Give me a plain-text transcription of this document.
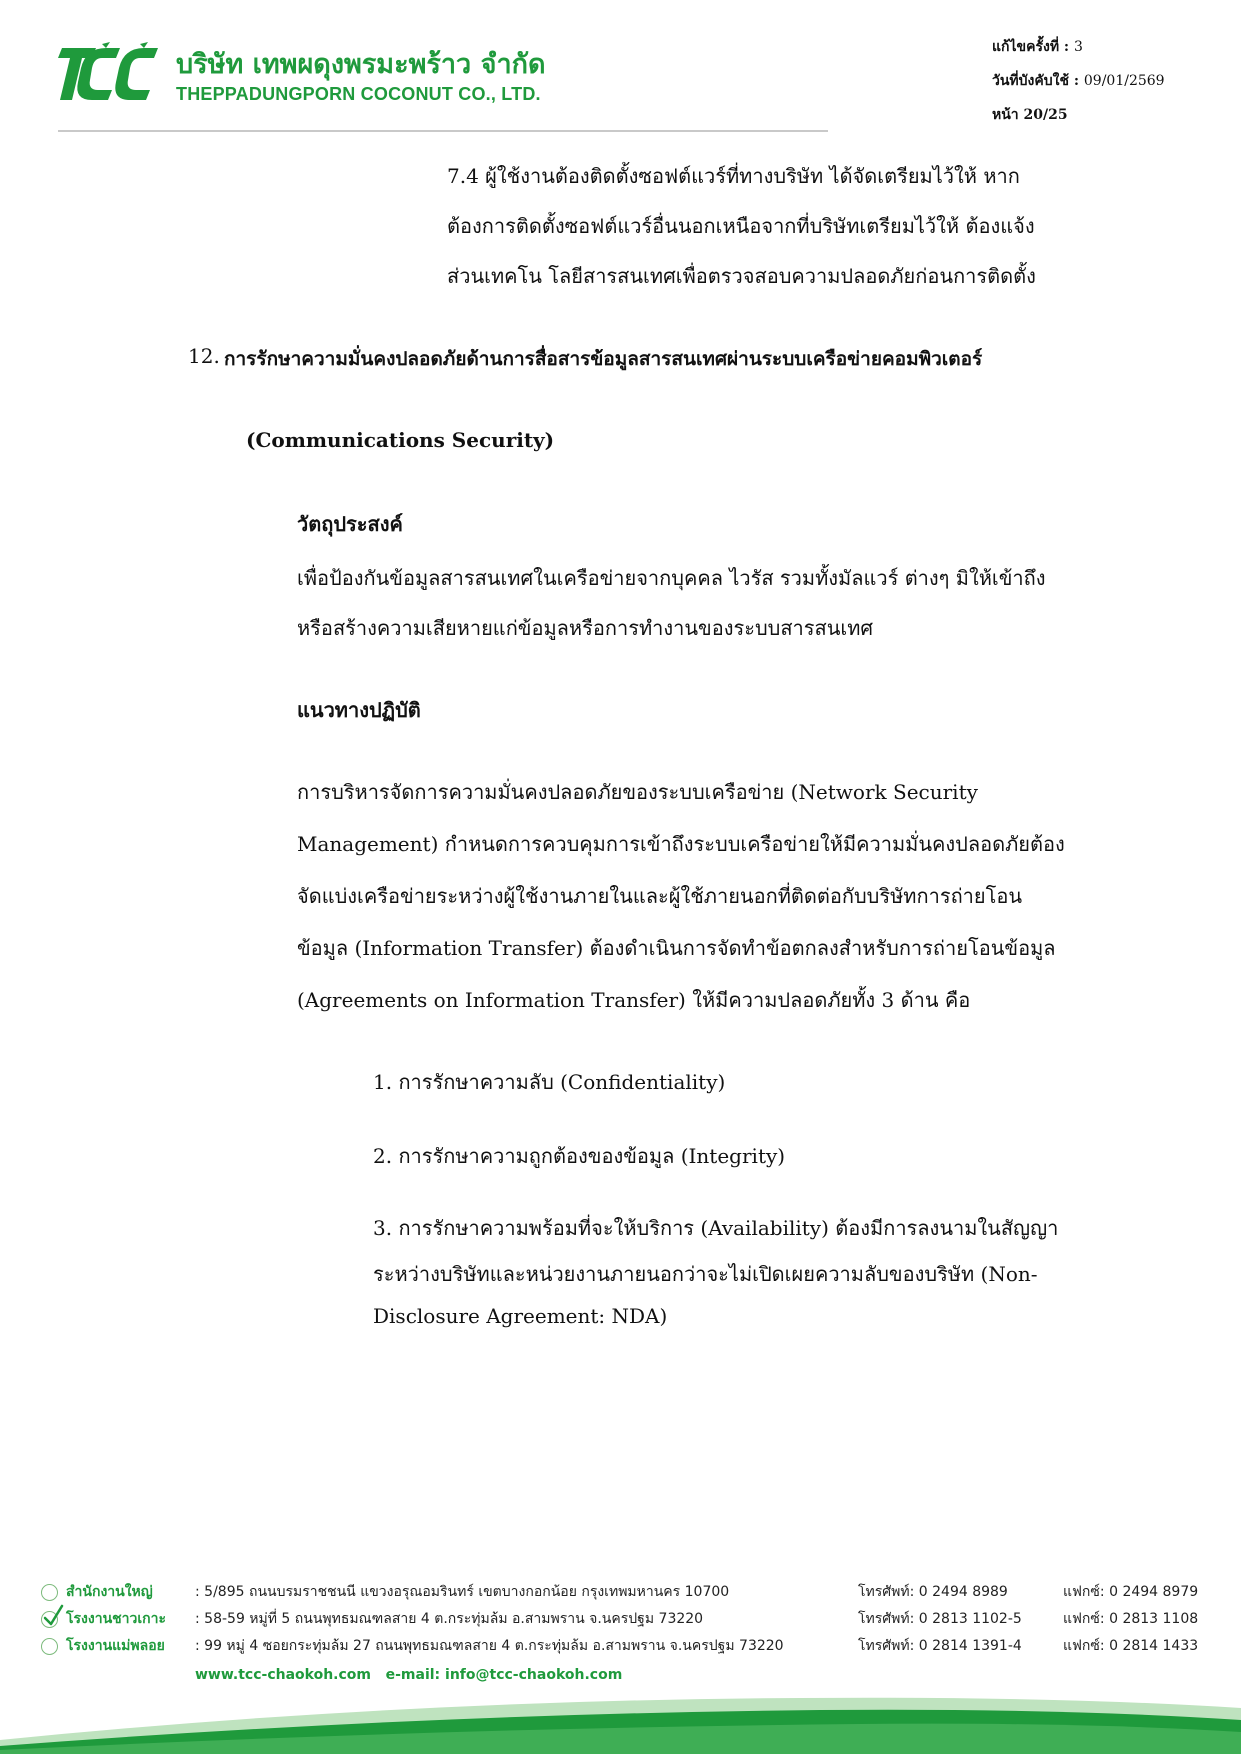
บริษัท เทพผดุงพรมะพร้าว จำกัด
THEPPADUNGPORN COCONUT CO., LTD.
แก้ไขครั้งที่ : 3
วันที่บังคับใช้ : 09/01/2569
หน้า 20/25
7.4 ผู้ใช้งานต้องติดตั้งซอฟต์แวร์ที่ทางบริษัท ได้จัดเตรียมไว้ให้ หาก
ต้องการติดตั้งซอฟต์แวร์อื่นนอกเหนือจากที่บริษัทเตรียมไว้ให้ ต้องแจ้ง
ส่วนเทคโน โลยีสารสนเทศเพื่อตรวจสอบความปลอดภัยก่อนการติดตั้ง
12. การรักษาความมั่นคงปลอดภัยด้านการสื่อสารข้อมูลสารสนเทศผ่านระบบเครือข่ายคอมพิวเตอร์
(Communications Security)
วัตถุประสงค์
เพื่อป้องกันข้อมูลสารสนเทศในเครือข่ายจากบุคคล ไวรัส รวมทั้งมัลแวร์ ต่างๆ มิให้เข้าถึง
หรือสร้างความเสียหายแก่ข้อมูลหรือการทำงานของระบบสารสนเทศ
แนวทางปฏิบัติ
การบริหารจัดการความมั่นคงปลอดภัยของระบบเครือข่าย (Network Security
Management) กำหนดการควบคุมการเข้าถึงระบบเครือข่ายให้มีความมั่นคงปลอดภัยต้อง
จัดแบ่งเครือข่ายระหว่างผู้ใช้งานภายในและผู้ใช้ภายนอกที่ติดต่อกับบริษัทการถ่ายโอน
ข้อมูล (Information Transfer) ต้องดำเนินการจัดทำข้อตกลงสำหรับการถ่ายโอนข้อมูล
(Agreements on Information Transfer) ให้มีความปลอดภัยทั้ง 3 ด้าน คือ
1. การรักษาความลับ (Confidentiality)
2. การรักษาความถูกต้องของข้อมูล (Integrity)
3. การรักษาความพร้อมที่จะให้บริการ (Availability) ต้องมีการลงนามในสัญญา
ระหว่างบริษัทและหน่วยงานภายนอกว่าจะไม่เปิดเผยความลับของบริษัท (Non-
Disclosure Agreement: NDA)
สำนักงานใหญ่	: 5/895 ถนนบรมราชชนนี แขวงอรุณอมรินทร์ เขตบางกอกน้อย กรุงเทพมหานคร 10700	โทรศัพท์: 0 2494 8989	แฟกซ์: 0 2494 8979
โรงงานชาวเกาะ : 58-59 หมู่ที่ 5 ถนนพุทธมณฑลสาย 4 ต.กระทุ่มล้ม อ.สามพราน จ.นครปฐม 73220	โทรศัพท์: 0 2813 1102-5	แฟกซ์: 0 2813 1108
โรงงานแม่พลอย : 99 หมู่ 4 ซอยกระทุ่มล้ม 27 ถนนพุทธมณฑลสาย 4 ต.กระทุ่มล้ม อ.สามพราน จ.นครปฐม 73220	โทรศัพท์: 0 2814 1391-4	แฟกซ์: 0 2814 1433
www.tcc-chaokoh.com   e-mail: info@tcc-chaokoh.com
